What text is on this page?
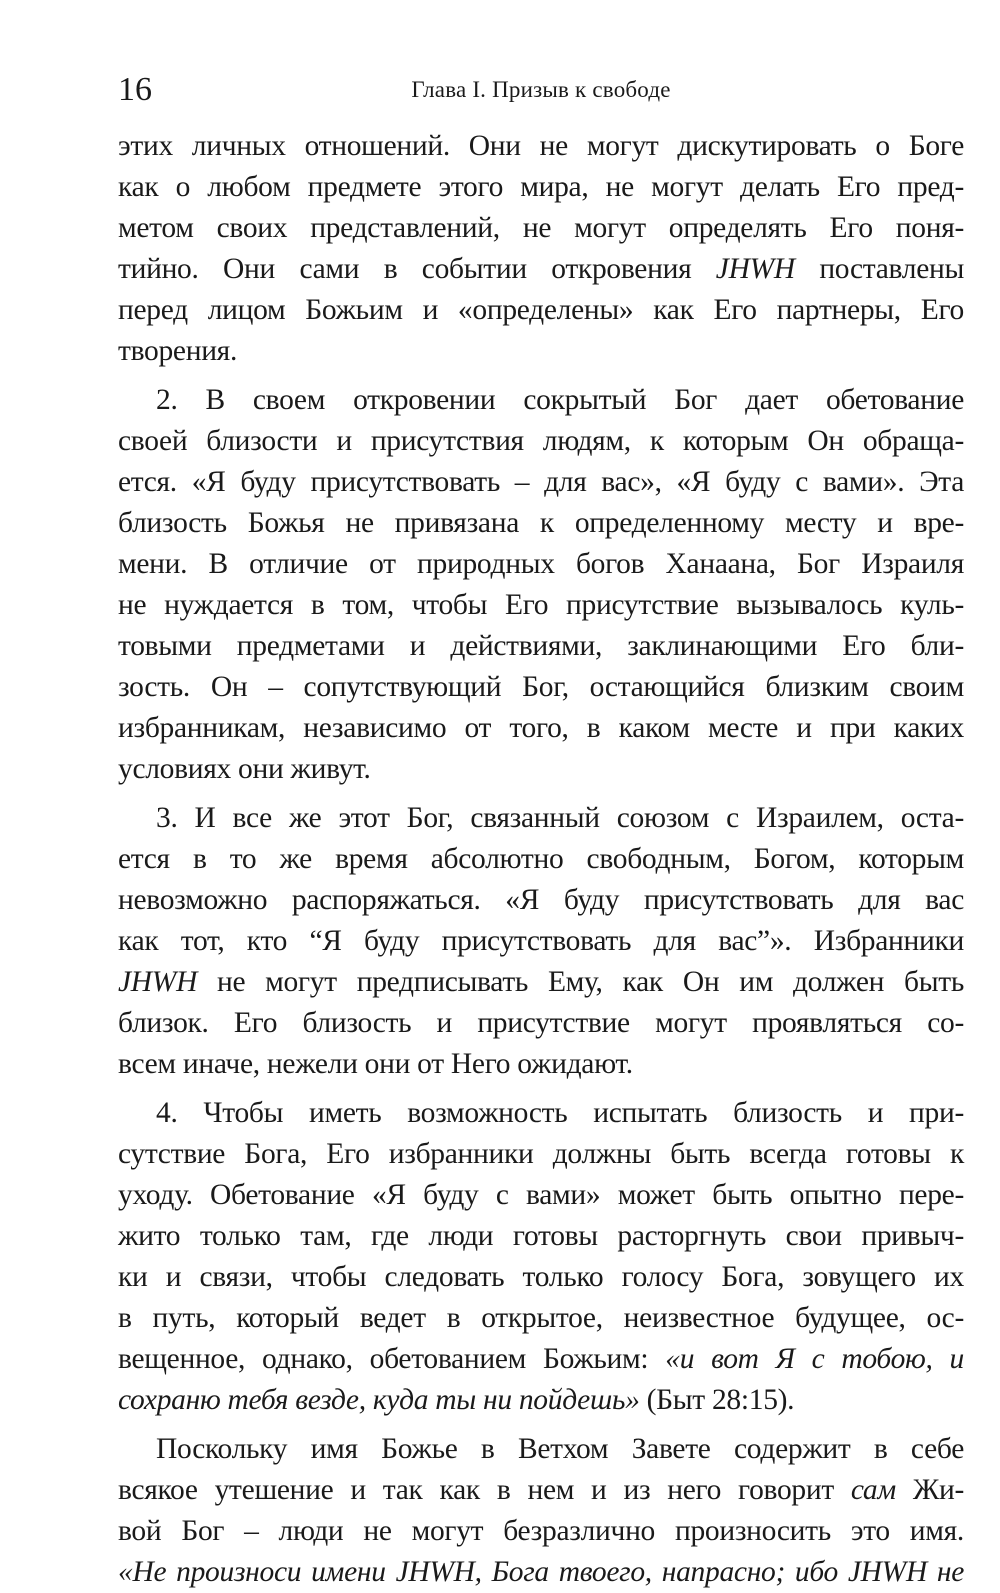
16	Глава I. Призыв к свободе
этих личных отношений. Они не могут дискутировать о Боге
как о любом предмете этого мира, не могут делать Его пред-
метом своих представлений, не могут определять Его поня-
тийно. Они сами в событии откровения JHWH поставлены
перед лицом Божьим и «определены» как Его партнеры, Его
творения.
2. В своем откровении сокрытый Бог дает обетование
своей близости и присутствия людям, к которым Он обраща-
ется. «Я буду присутствовать – для вас», «Я буду с вами». Эта
близость Божья не привязана к определенному месту и вре-
мени. В отличие от природных богов Ханаана, Бог Израиля
не нуждается в том, чтобы Его присутствие вызывалось куль-
товыми предметами и действиями, заклинающими Его бли-
зость. Он – сопутствующий Бог, остающийся близким своим
избранникам, независимо от того, в каком месте и при каких
условиях они живут.
3. И все же этот Бог, связанный союзом с Израилем, оста-
ется в то же время абсолютно свободным, Богом, которым
невозможно распоряжаться. «Я буду присутствовать для вас
как тот, кто “Я буду присутствовать для вас”». Избранники
JHWH не могут предписывать Ему, как Он им должен быть
близок. Его близость и присутствие могут проявляться со-
всем иначе, нежели они от Него ожидают.
4. Чтобы иметь возможность испытать близость и при-
сутствие Бога, Его избранники должны быть всегда готовы к
уходу. Обетование «Я буду с вами» может быть опытно пере-
жито только там, где люди готовы расторгнуть свои привыч-
ки и связи, чтобы следовать только голосу Бога, зовущего их
в путь, который ведет в открытое, неизвестное будущее, ос-
вещенное, однако, обетованием Божьим: «и вот Я с тобою, и
сохраню тебя везде, куда ты ни пойдешь» (Быт 28:15).
Поскольку имя Божье в Ветхом Завете содержит в себе
всякое утешение и так как в нем и из него говорит сам Жи-
вой Бог – люди не могут безразлично произносить это имя.
«Не произноси имени JHWH, Бога твоего, напрасно; ибо JHWH не
